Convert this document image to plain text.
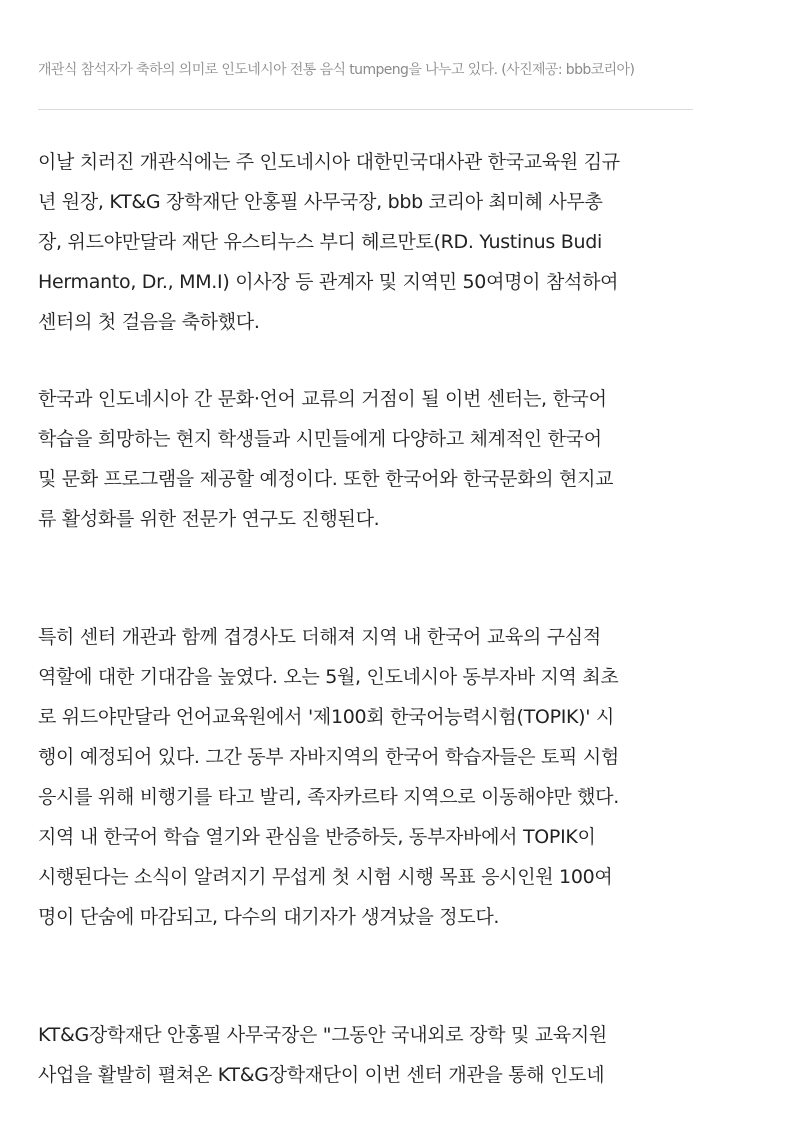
개관식 참석자가 축하의 의미로 인도네시아 전통 음식 tumpeng을 나누고 있다. (사진제공: bbb코리아)

이날 치러진 개관식에는 주 인도네시아 대한민국대사관 한국교육원 김규
년 원장, KT&G 장학재단 안홍필 사무국장, bbb 코리아 최미혜 사무총
장, 위드야만달라 재단 유스티누스 부디 헤르만토(RD. Yustinus Budi
Hermanto, Dr., MM.I) 이사장 등 관계자 및 지역민 50여명이 참석하여
센터의 첫 걸음을 축하했다.

한국과 인도네시아 간 문화·언어 교류의 거점이 될 이번 센터는, 한국어
학습을 희망하는 현지 학생들과 시민들에게 다양하고 체계적인 한국어
및 문화 프로그램을 제공할 예정이다. 또한 한국어와 한국문화의 현지교
류 활성화를 위한 전문가 연구도 진행된다.

특히 센터 개관과 함께 겹경사도 더해져 지역 내 한국어 교육의 구심적
역할에 대한 기대감을 높였다. 오는 5월, 인도네시아 동부자바 지역 최초
로 위드야만달라 언어교육원에서 '제100회 한국어능력시험(TOPIK)' 시
행이 예정되어 있다. 그간 동부 자바지역의 한국어 학습자들은 토픽 시험
응시를 위해 비행기를 타고 발리, 족자카르타 지역으로 이동해야만 했다.
지역 내 한국어 학습 열기와 관심을 반증하듯, 동부자바에서 TOPIK이
시행된다는 소식이 알려지기 무섭게 첫 시험 시행 목표 응시인원 100여
명이 단숨에 마감되고, 다수의 대기자가 생겨났을 정도다.

KT&G장학재단 안홍필 사무국장은 "그동안 국내외로 장학 및 교육지원
사업을 활발히 펼쳐온 KT&G장학재단이 이번 센터 개관을 통해 인도네
